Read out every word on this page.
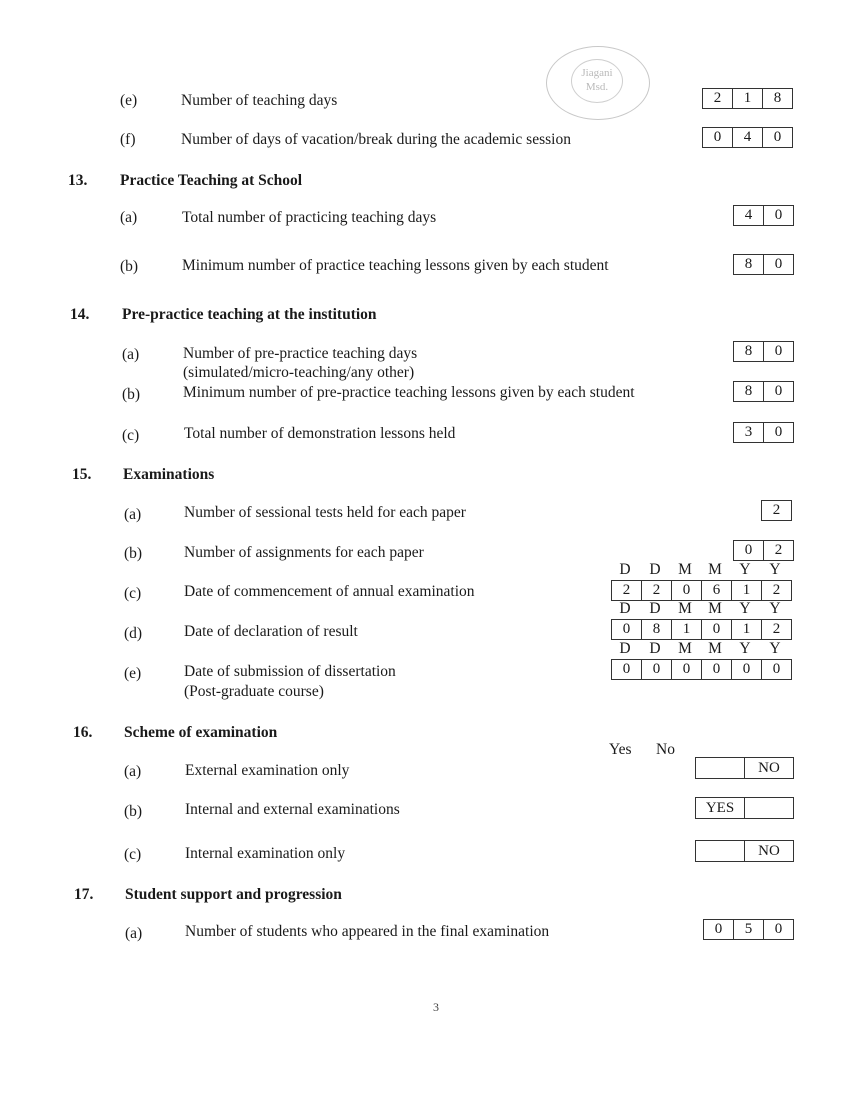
Jiagani
Msd.
(e)	Number of teaching days	2	1	8
(f)	Number of days of vacation/break during the academic session	0	4	0
13. Practice Teaching at School
(a)	Total number of practicing teaching days	4	0
(b)	Minimum number of practice teaching lessons given by each student	8	0
14. Pre-practice teaching at the institution
(a)	Number of pre-practice teaching days
(simulated/micro-teaching/any other)
8	0
(b)	Minimum number of pre-practice teaching lessons given by each student	8	0
(c)	Total number of demonstration lessons held	3	0
15. Examinations
(a)	Number of sessional tests held for each paper	2
(b)	Number of assignments for each paper	0	2
D	D	M	M	Y	Y
(c)	Date of commencement of annual examination	2	2	0	6	1	2
D	D	M	M	Y	Y
(d)	Date of declaration of result	0	8	1	0	1	2
D	D	M	M	Y	Y
(e)	Date of submission of dissertation
(Post-graduate course)
0	0	0	0	0	0
16. Scheme of examination
Yes No
(a)	External examination only	NO
(b)	Internal and external examinations	YES
(c)	Internal examination only	NO
17. Student support and progression
(a)	Number of students who appeared in the final examination	0	5	0
3
